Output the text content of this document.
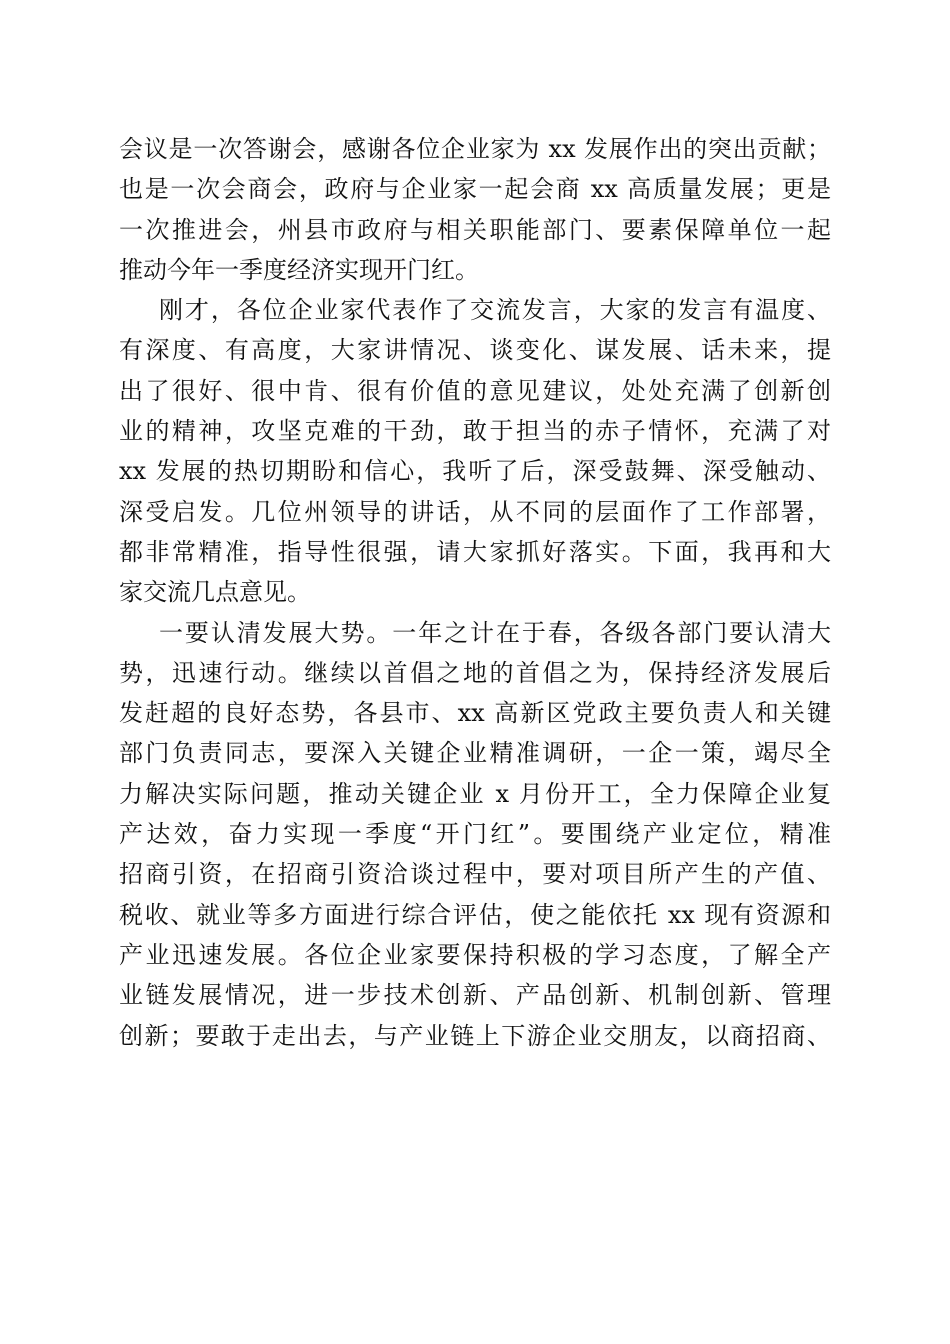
会议是一次答谢会，感谢各位企业家为 xx 发展作出的突出贡献；
也是一次会商会，政府与企业家一起会商 xx 高质量发展；更是
一次推进会，州县市政府与相关职能部门、要素保障单位一起
推动今年一季度经济实现开门红。
刚才，各位企业家代表作了交流发言，大家的发言有温度、
有深度、有高度，大家讲情况、谈变化、谋发展、话未来，提
出了很好、很中肯、很有价值的意见建议，处处充满了创新创
业的精神，攻坚克难的干劲，敢于担当的赤子情怀，充满了对
xx 发展的热切期盼和信心，我听了后，深受鼓舞、深受触动、
深受启发。几位州领导的讲话，从不同的层面作了工作部署，
都非常精准，指导性很强，请大家抓好落实。下面，我再和大
家交流几点意见。
一要认清发展大势。一年之计在于春，各级各部门要认清大
势，迅速行动。继续以首倡之地的首倡之为，保持经济发展后
发赶超的良好态势，各县市、xx 高新区党政主要负责人和关键
部门负责同志，要深入关键企业精准调研，一企一策，竭尽全
力解决实际问题，推动关键企业 x 月份开工，全力保障企业复
产达效，奋力实现一季度“开门红”。要围绕产业定位，精准
招商引资，在招商引资洽谈过程中，要对项目所产生的产值、
税收、就业等多方面进行综合评估，使之能依托 xx 现有资源和
产业迅速发展。各位企业家要保持积极的学习态度，了解全产
业链发展情况，进一步技术创新、产品创新、机制创新、管理
创新；要敢于走出去，与产业链上下游企业交朋友，以商招商、
